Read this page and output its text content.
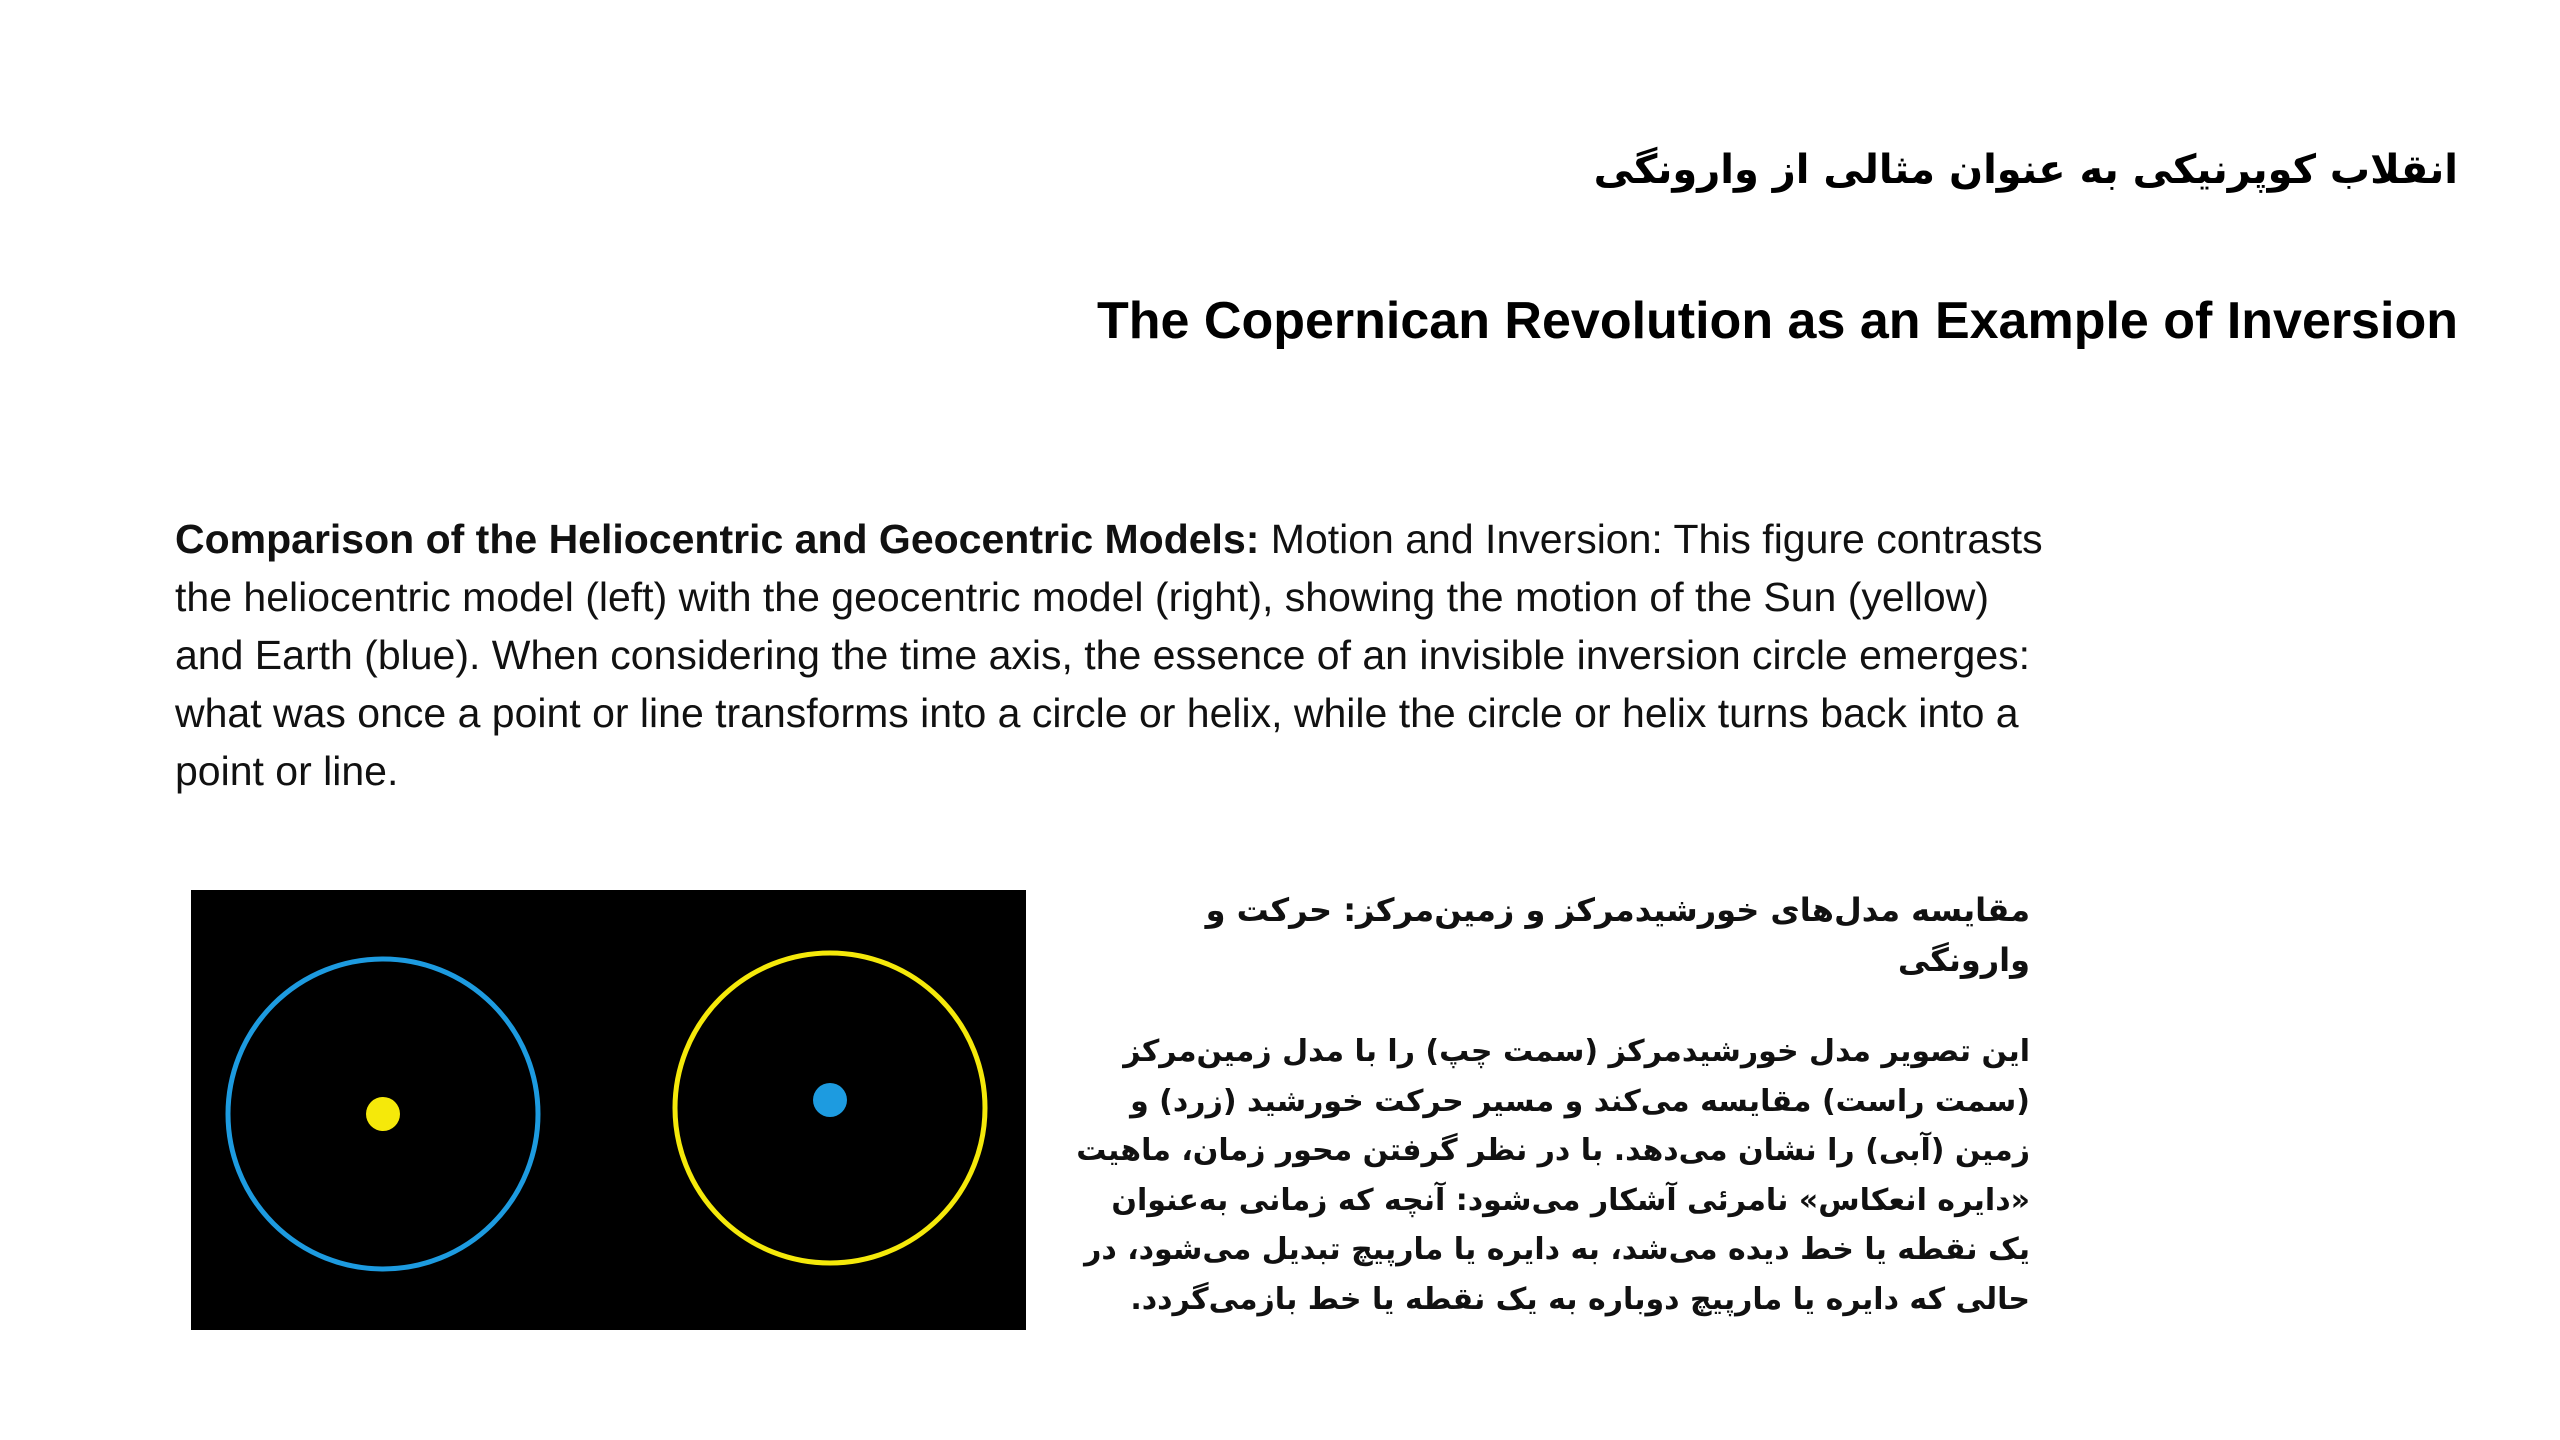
انقلاب کوپرنیکی به عنوان مثالی از وارونگی
The Copernican Revolution as an Example of Inversion

Comparison of the Heliocentric and Geocentric Models: Motion and Inversion: This figure contrasts the heliocentric model (left) with the geocentric model (right), showing the motion of the Sun (yellow) and Earth (blue). When considering the time axis, the essence of an invisible inversion circle emerges: what was once a point or line transforms into a circle or helix, while the circle or helix turns back into a point or line.

مقایسه مدل‌های خورشیدمرکز و زمین‌مرکز: حرکت و وارونگی

این تصویر مدل خورشیدمرکز (سمت چپ) را با مدل زمین‌مرکز (سمت راست) مقایسه می‌کند و مسیر حرکت خورشید (زرد) و زمین (آبی) را نشان می‌دهد. با در نظر گرفتن محور زمان، ماهیت «دایره انعکاس» نامرئی آشکار می‌شود: آنچه که زمانی به‌عنوان یک نقطه یا خط دیده می‌شد، به دایره یا مارپیچ تبدیل می‌شود، در حالی که دایره یا مارپیچ دوباره به یک نقطه یا خط بازمی‌گردد.
